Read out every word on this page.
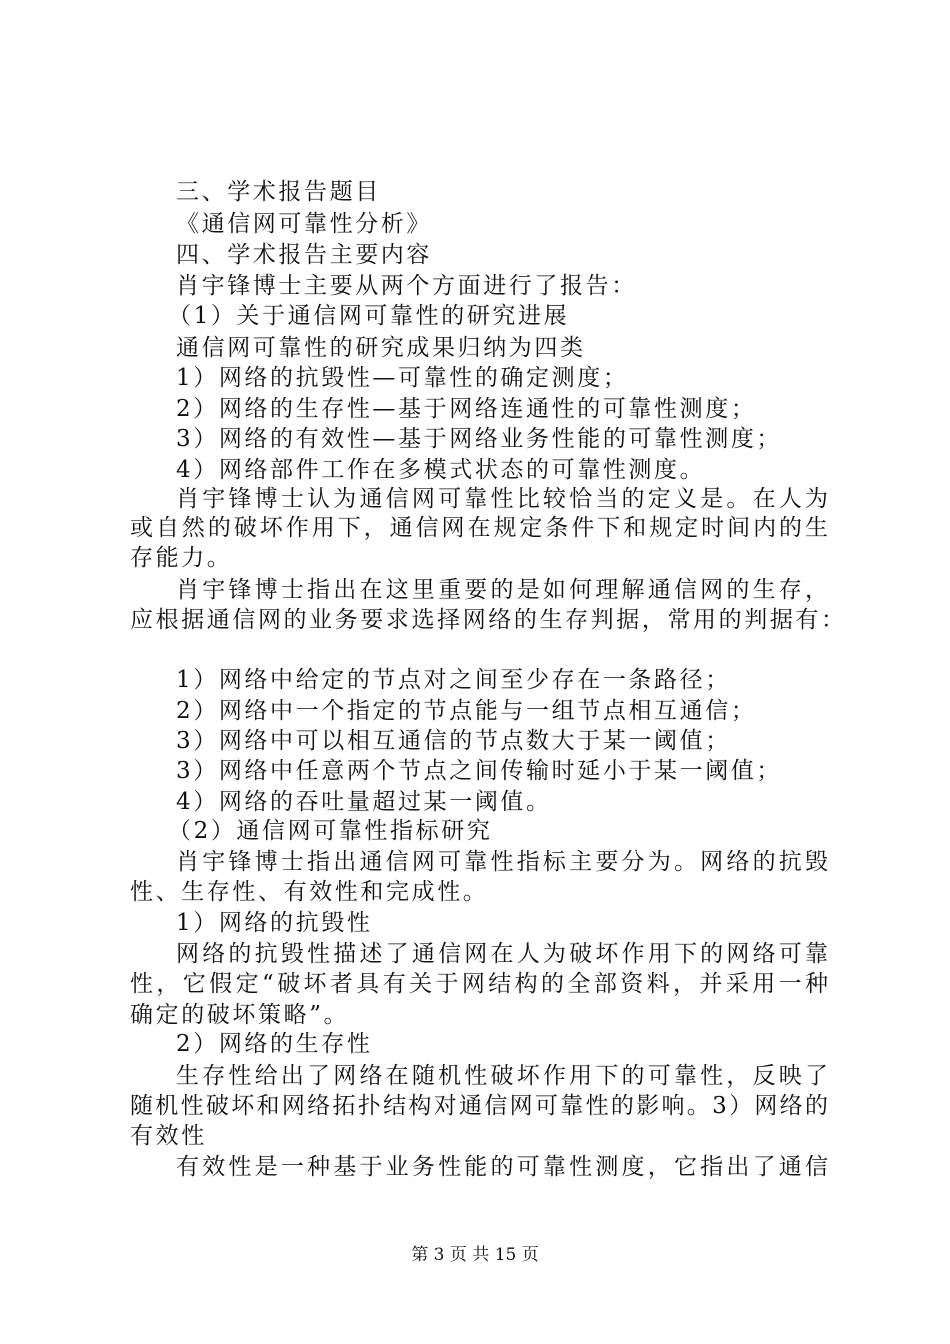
三、学术报告题目
《通信网可靠性分析》
四、学术报告主要内容
肖宇锋博士主要从两个方面进行了报告：
（1）关于通信网可靠性的研究进展
通信网可靠性的研究成果归纳为四类
1）网络的抗毁性—可靠性的确定测度；
2）网络的生存性—基于网络连通性的可靠性测度；
3）网络的有效性—基于网络业务性能的可靠性测度；
4）网络部件工作在多模式状态的可靠性测度。
肖宇锋博士认为通信网可靠性比较恰当的定义是。在人为
或自然的破坏作用下，通信网在规定条件下和规定时间内的生
存能力。
肖宇锋博士指出在这里重要的是如何理解通信网的生存，
应根据通信网的业务要求选择网络的生存判据，常用的判据有：
1）网络中给定的节点对之间至少存在一条路径；
2）网络中一个指定的节点能与一组节点相互通信；
3）网络中可以相互通信的节点数大于某一阈值；
3）网络中任意两个节点之间传输时延小于某一阈值；
4）网络的吞吐量超过某一阈值。
（2）通信网可靠性指标研究
肖宇锋博士指出通信网可靠性指标主要分为。网络的抗毁
性、生存性、有效性和完成性。
1）网络的抗毁性
网络的抗毁性描述了通信网在人为破坏作用下的网络可靠
性，它假定“破坏者具有关于网结构的全部资料，并采用一种
确定的破坏策略”。
2）网络的生存性
生存性给出了网络在随机性破坏作用下的可靠性，反映了
随机性破坏和网络拓扑结构对通信网可靠性的影响。3）网络的
有效性
有效性是一种基于业务性能的可靠性测度，它指出了通信
第 3 页 共 15 页
